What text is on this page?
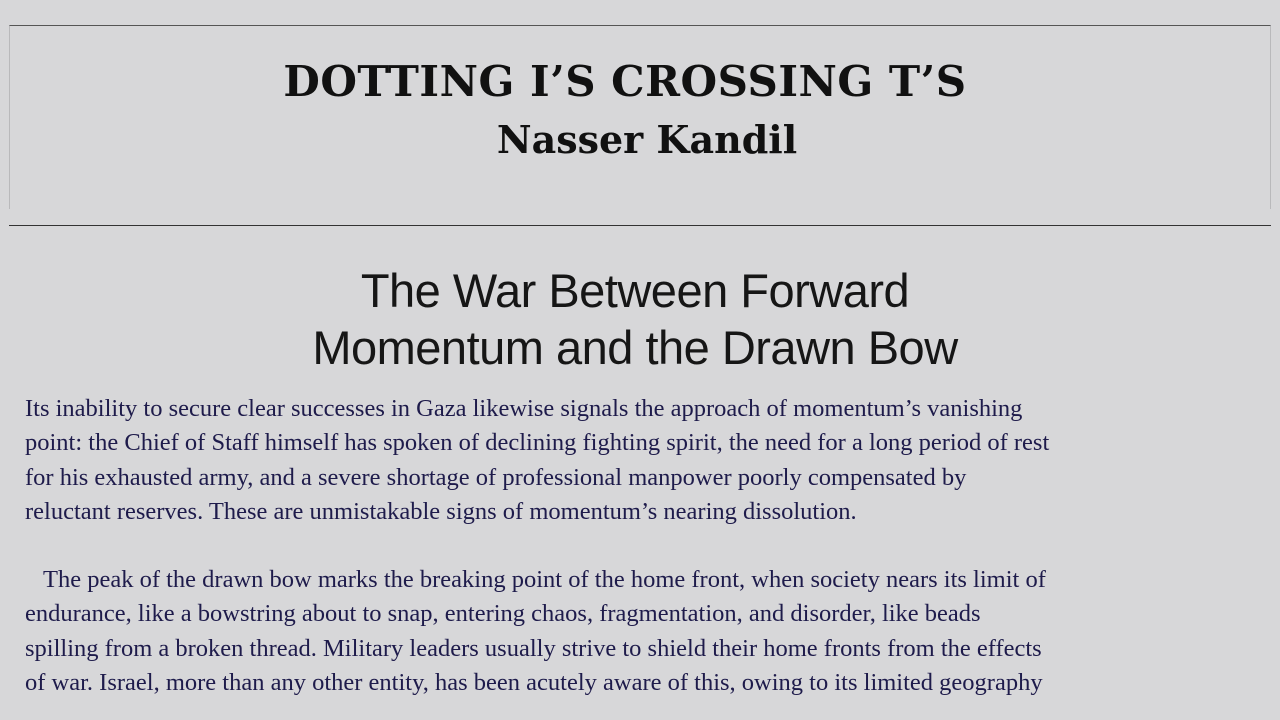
DOTTING I’S CROSSING T’S
Nasser Kandil
The War Between Forward
Momentum and the Drawn Bow

Its inability to secure clear successes in Gaza likewise signals the approach of momentum’s vanishing
point: the Chief of Staff himself has spoken of declining fighting spirit, the need for a long period of rest
for his exhausted army, and a severe shortage of professional manpower poorly compensated by
reluctant reserves. These are unmistakable signs of momentum’s nearing dissolution.

The peak of the drawn bow marks the breaking point of the home front, when society nears its limit of
endurance, like a bowstring about to snap, entering chaos, fragmentation, and disorder, like beads
spilling from a broken thread. Military leaders usually strive to shield their home fronts from the effects
of war. Israel, more than any other entity, has been acutely aware of this, owing to its limited geography
